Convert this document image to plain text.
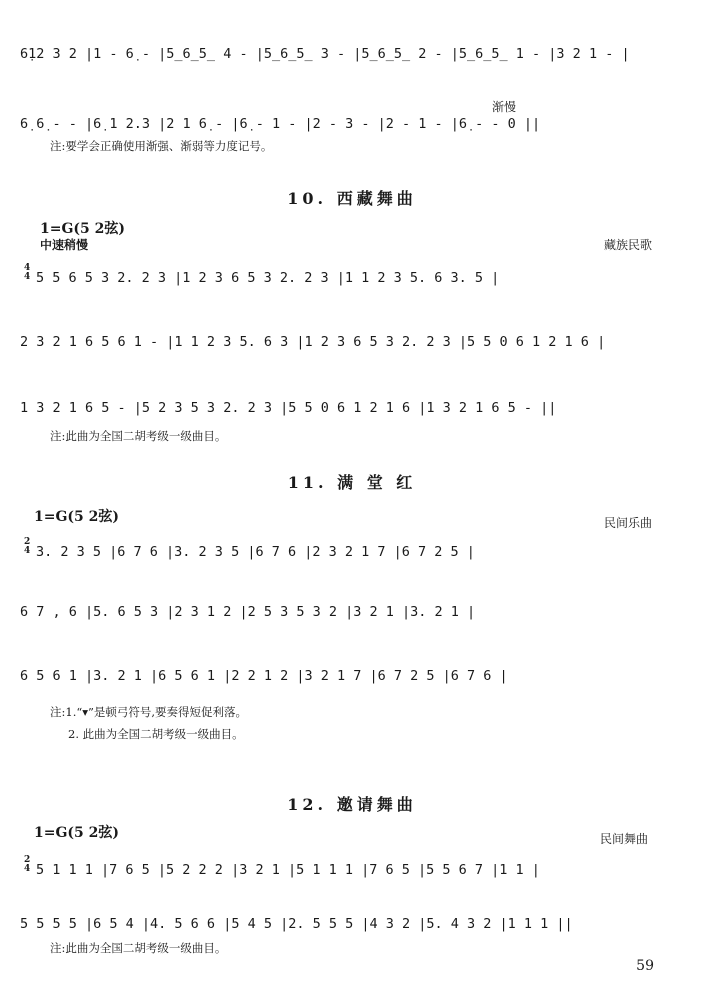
6̣12 3 2 |1 - 6̣ - |5̲6̲5̲ 4 - |5̲6̲5̲ 3 - |5̲6̲5̲ 2 - |5̲6̲5̲ 1 - |3 2 1 - |
渐慢
6̣ 6̣ - - |6̣ 1 2.3 |2 1 6̣ - |6̣ - 1 - |2 - 3 - |2 - 1 - |6̣ - - 0 ||
注:要学会正确使用渐强、渐弱等力度记号。
10. 西藏舞曲
1=G(5 2弦)
中速稍慢	藏族民歌
4
4 5 5 6 5 3 2. 2 3 |1 2 3 6 5 3 2. 2 3 |1 1 2 3 5. 6 3. 5 |
2 3 2 1 6 5 6 1 - |1 1 2 3 5. 6 3 |1 2 3 6 5 3 2. 2 3 |5 5 0 6 1 2 1 6 |
1 3 2 1 6 5 - |5 2 3 5 3 2. 2 3 |5 5 0 6 1 2 1 6 |1 3 2 1 6 5 - ||
注:此曲为全国二胡考级一级曲目。
11. 满 堂 红
1=G(5 2弦)	民间乐曲
2
4 3. 2 3 5 |6 7 6 |3. 2 3 5 |6 7 6 |2 3 2 1 7 |6 7 2 5 |
6 7 , 6 |5. 6 5 3 |2 3 1 2 |2 5 3 5 3 2 |3 2 1 |3. 2 1 |
6 5 6 1 |3. 2 1 |6 5 6 1 |2 2 1 2 |3 2 1 7 |6 7 2 5 |6 7 6 |
注:1.“▾”是顿弓符号,要奏得短促利落。
2. 此曲为全国二胡考级一级曲目。
12. 邀请舞曲
1=G(5 2弦)	民间舞曲
2
4 5 1 1 1 |7 6 5 |5 2 2 2 |3 2 1 |5 1 1 1 |7 6 5 |5 5 6 7 |1 1 |
5 5 5 5 |6 5 4 |4. 5 6 6 |5 4 5 |2. 5 5 5 |4 3 2 |5. 4 3 2 |1 1 1 ||
注:此曲为全国二胡考级一级曲目。
59
